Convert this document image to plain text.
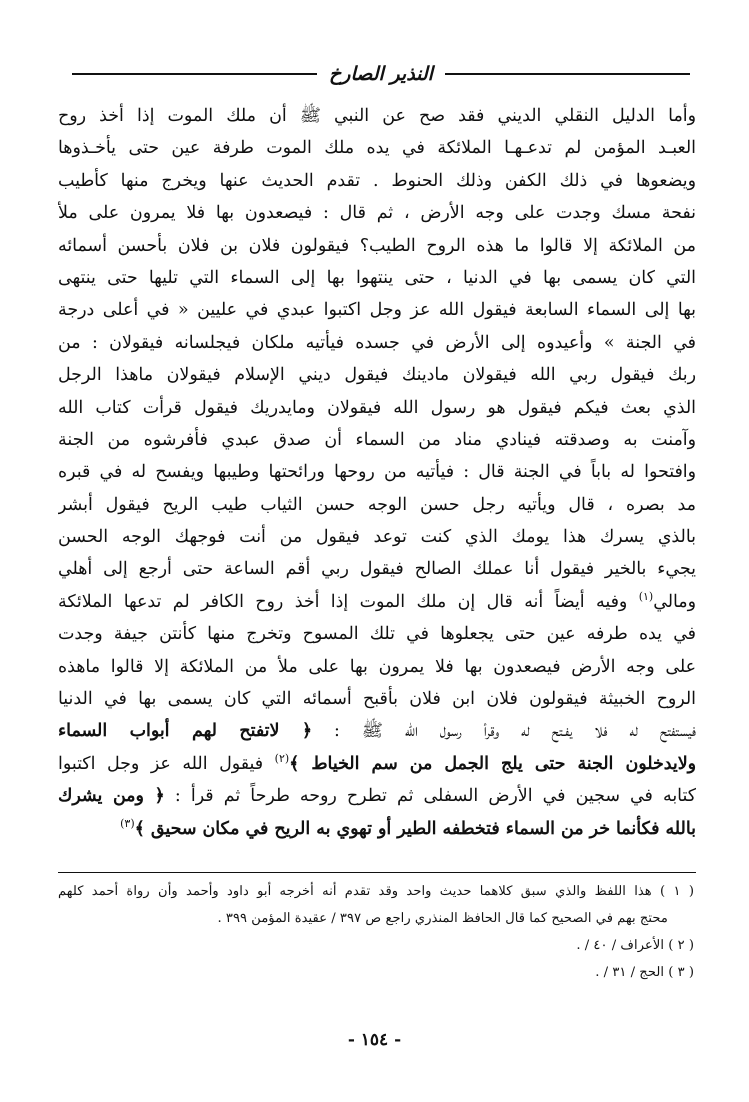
النذير الصارخ
وأما الدليل النقلي الديني فقد صح عن النبي ﷺ أن ملك الموت إذا أخذ روح
العبـد المؤمن لم تدعـهـا الملائكة في يده ملك الموت طرفة عين حتى يأخـذوها
ويضعوها في ذلك الكفن وذلك الحنوط . تقدم الحديث عنها ويخرج منها كأطيب
نفحة مسك وجدت على وجه الأرض ، ثم قال : فيصعدون بها فلا يمرون على ملأ
من الملائكة إلا قالوا ما هذه الروح الطيب؟ فيقولون فلان بن فلان بأحسن أسمائه
التي كان يسمى بها في الدنيا ، حتى ينتهوا بها إلى السماء التي تليها حتى ينتهى
بها إلى السماء السابعة فيقول الله عز وجل اكتبوا عبدي في عليين « في أعلى درجة
في الجنة » وأعيدوه إلى الأرض في جسده فيأتيه ملكان فيجلسانه فيقولان : من
ربك فيقول ربي الله فيقولان مادينك فيقول ديني الإسلام فيقولان ماهذا الرجل
الذي بعث فيكم فيقول هو رسول الله فيقولان ومايدريك فيقول قرأت كتاب الله
وآمنت به وصدقته فينادي مناد من السماء أن صدق عبدي فأفرشوه من الجنة
وافتحوا له باباً في الجنة قال : فيأتيه من روحها ورائحتها وطيبها ويفسح له في قبره
مد بصره ، قال ويأتيه رجل حسن الوجه حسن الثياب طيب الريح فيقول أبشر
بالذي يسرك هذا يومك الذي كنت توعد فيقول من أنت فوجهك الوجه الحسن
يجيء بالخير فيقول أنا عملك الصالح فيقول ربي أقم الساعة حتى أرجع إلى أهلي
ومالي$^{(١)}$ وفيه أيضاً أنه قال إن ملك الموت إذا أخذ روح الكافر لم تدعها الملائكة
في يده طرفه عين حتى يجعلوها في تلك المسوح وتخرج منها كأنتن جيفة وجدت
على وجه الأرض فيصعدون بها فلا يمرون بها على ملأ من الملائكة إلا قالوا ماهذه
الروح الخبيثة فيقولون فلان ابن فلان بأقبح أسمائه التي كان يسمى بها في الدنيا
فيستفتح له فلا يفـتح له وقرأ رسول الله ﷺ : ﴿ لاتفتح لهم أبواب السماء
ولايدخلون الجنة حتى يلج الجمل من سم الخياط ﴾$^{(٢)}$ فيقول الله عز وجل اكتبوا
كتابه في سجين في الأرض السفلى ثم تطرح روحه طرحاً ثم قرأ : ﴿ ومن يشرك
بالله فكأنما خر من السماء فتخطفه الطير أو تهوي به الريح في مكان سحيق ﴾$^{(٣)}$
( ١ ) هذا اللفظ والذي سبق كلاهما حديث واحد وقد تقدم أنه أخرجه أبو داود وأحمد وأن رواة أحمد كلهم
محتج بهم في الصحيح كما قال الحافظ المنذري راجع ص ٣٩٧ / عقيدة المؤمن ٣٩٩ .
( ٢ ) الأعراف / ٤٠ / .
( ٣ ) الحج / ٣١ / .
- ١٥٤ -
